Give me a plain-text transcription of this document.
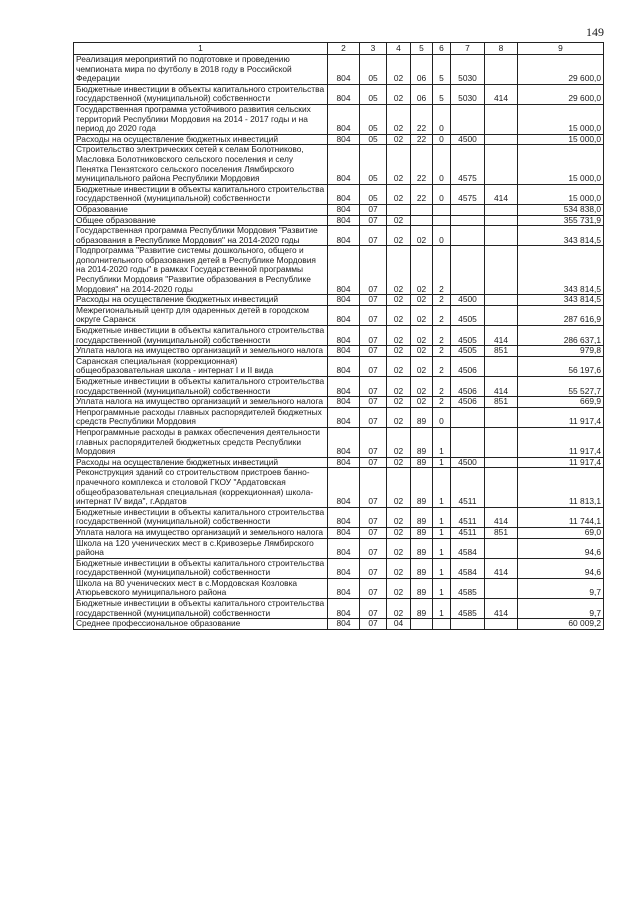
149
1	2	3	4	5	6	7	8	9
Реализация мероприятий по подготовке и проведению чемпионата мира по футболу в 2018 году в Российской Федерации	804	05	02	06	5	5030		29 600,0
Бюджетные инвестиции в объекты капитального строительства государственной (муниципальной) собственности	804	05	02	06	5	5030	414	29 600,0
Государственная программа устойчивого развития сельских территорий Республики Мордовия на 2014 - 2017 годы и на период до 2020 года	804	05	02	22	0			15 000,0
Расходы на осуществление бюджетных инвестиций	804	05	02	22	0	4500		15 000,0
Строительство электрических сетей к селам Болотниково, Масловка Болотниковского сельского поселения и селу Пенятка Пензятского сельского поселения Лямбирского муниципального района Республики Мордовия	804	05	02	22	0	4575		15 000,0
Бюджетные инвестиции в объекты капитального строительства государственной (муниципальной) собственности	804	05	02	22	0	4575	414	15 000,0
Образование	804	07						534 838,0
Общее образование	804	07	02					355 731,9
Государственная программа Республики Мордовия "Развитие образования в Республике Мордовия" на 2014-2020 годы	804	07	02	02	0			343 814,5
Подпрограмма "Развитие системы дошкольного, общего и дополнительного образования детей в Республике Мордовия на 2014-2020 годы" в рамках Государственной программы Республики Мордовия "Развитие образования в Республике Мордовия" на 2014-2020 годы	804	07	02	02	2			343 814,5
Расходы на осуществление бюджетных инвестиций	804	07	02	02	2	4500		343 814,5
Межрегиональный центр для одаренных детей в городском округе Саранск	804	07	02	02	2	4505		287 616,9
Бюджетные инвестиции в объекты капитального строительства государственной (муниципальной) собственности	804	07	02	02	2	4505	414	286 637,1
Уплата налога на имущество организаций и земельного налога	804	07	02	02	2	4505	851	979,8
Саранская специальная (коррекционная) общеобразовательная школа - интернат I и II вида	804	07	02	02	2	4506		56 197,6
Бюджетные инвестиции в объекты капитального строительства государственной (муниципальной) собственности	804	07	02	02	2	4506	414	55 527,7
Уплата налога на имущество организаций и земельного налога	804	07	02	02	2	4506	851	669,9
Непрограммные расходы главных распорядителей бюджетных средств Республики Мордовия	804	07	02	89	0			11 917,4
Непрограммные расходы в рамках обеспечения деятельности главных распорядителей бюджетных средств Республики Мордовия	804	07	02	89	1			11 917,4
Расходы на осуществление бюджетных инвестиций	804	07	02	89	1	4500		11 917,4
Реконструкция зданий со строительством пристроев банно-прачечного комплекса и столовой ГКОУ "Ардатовская общеобразовательная специальная (коррекционная) школа-интернат IV вида", г.Ардатов	804	07	02	89	1	4511		11 813,1
Бюджетные инвестиции в объекты капитального строительства государственной (муниципальной) собственности	804	07	02	89	1	4511	414	11 744,1
Уплата налога на имущество организаций и земельного налога	804	07	02	89	1	4511	851	69,0
Школа на 120 ученических мест в с.Кривозерье Лямбирского района	804	07	02	89	1	4584		94,6
Бюджетные инвестиции в объекты капитального строительства государственной (муниципальной) собственности	804	07	02	89	1	4584	414	94,6
Школа на 80 ученических мест в с.Мордовская Козловка Атюрьевского муниципального района	804	07	02	89	1	4585		9,7
Бюджетные инвестиции в объекты капитального строительства государственной (муниципальной) собственности	804	07	02	89	1	4585	414	9,7
Среднее профессиональное образование	804	07	04					60 009,2
